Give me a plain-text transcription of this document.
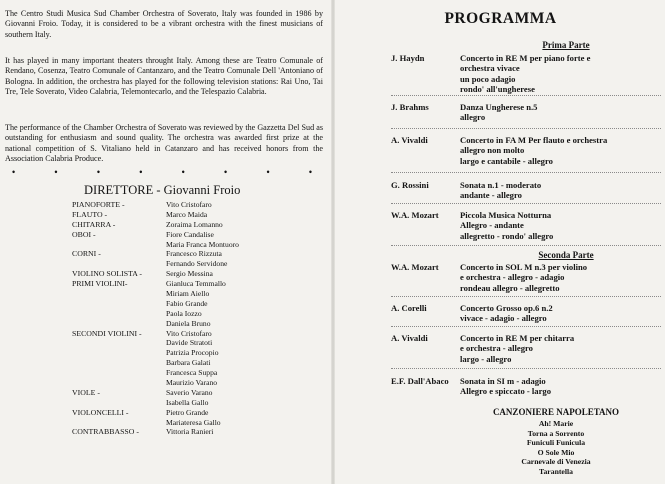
The Centro Studi Musica Sud Chamber Orchestra of Soverato, Italy was founded in 1986 by Giovanni Froio. Today, it is considered to be a vibrant orchestra with the finest musicians of southern Italy.

It has played in many important theaters throught Italy. Among these are Teatro Comunale of Rendano, Cosenza, Teatro Comunale of Cantanzaro, and the Teatro Comunale Dell 'Antoniano of Bologna. In addition, the orchestra has played for the following television stations: Rai Uno, Tai Tre, Tele Soverato, Video Calabria, Telemontecarlo, and the Telespazio Calabria.

The performance of the Chamber Orchestra of Soverato was reviewed by the Gazzetta Del Sud as outstanding for enthusiasm and sound quality. The orchestra was awarded first prize at the national competition of S. Vitaliano held in Catanzaro and has received honors from the Association Calabria Produce.

•	•	•	•	•	•	•	•
DIRETTORE - Giovanni Froio
PIANOFORTE -	Vito Cristofaro
FLAUTO -	Marco Maida
CHITARRA -	Zoraima Lomanno
OBOI -	Fiore Candalise
Maria Franca Montuoro
CORNI -	Francesco Rizzuta
Fernando Servidone
VIOLINO SOLISTA -	Sergio Messina
PRIMI VIOLINI-	Gianluca Temmallo
Miriam Aiello
Fabio Grande
Paola Iozzo
Daniela Bruno
SECONDI VIOLINI -	Vito Cristofaro
Davide Stratoti
Patrizia Procopio
Barbara Galati
Francesca Suppa
Maurizio Varano
VIOLE -	Saverio Varano
Isabella Gallo
VIOLONCELLI -	Pietro Grande
Mariateresa Gallo
CONTRABBASSO -	Vittoria Ranieri
PROGRAMMA
Prima Parte
Seconda Parte
J. Haydn	Concerto in RE M per piano forte e
orchestra vivace
un poco adagio
rondo' all'ungherese
J. Brahms	Danza Ungherese n.5
allegro
A. Vivaldi	Concerto in FA M Per flauto e orchestra
allegro non molto
largo e cantabile - allegro
G. Rossini	Sonata n.1 - moderato
andante - allegro
W.A. Mozart Piccola Musica Notturna
Allegro - andante
allegretto - rondo' allegro
W.A. Mozart Concerto in SOL M n.3 per violino
e orchestra - allegro - adagio
rondeau allegro - allegretto
A. Corelli	Concerto Grosso op.6 n.2
vivace - adagio - allegro
A. Vivaldi	Concerto in RE M per chitarra
e orchestra - allegro
largo - allegro
E.F. Dall'Abaco Sonata in SI m - adagio
Allegro e spiccato - largo
CANZONIERE NAPOLETANO
Ah! Marie
Torna a Sorrento
Funiculi Funicula
O Sole Mio
Carnevale di Venezia
Tarantella
